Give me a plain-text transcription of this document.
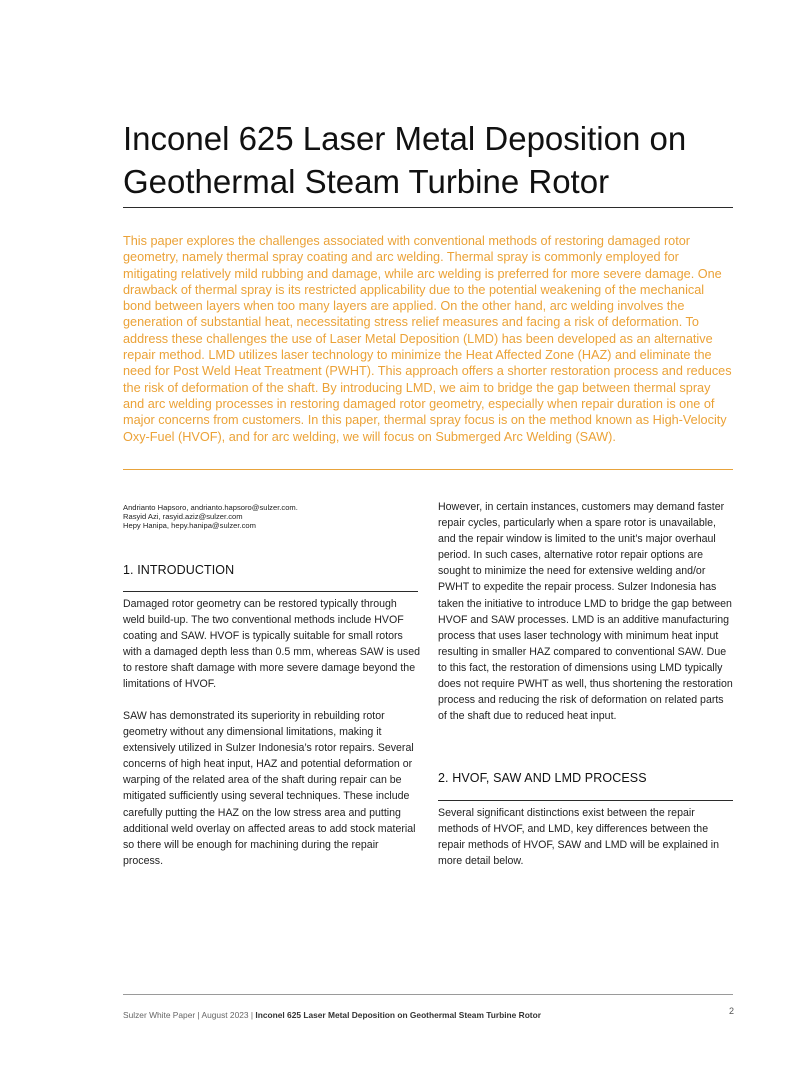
Inconel 625 Laser Metal Deposition on Geothermal Steam Turbine Rotor

This paper explores the challenges associated with conventional methods of restoring damaged rotor geometry, namely thermal spray coating and arc welding. Thermal spray is commonly employed for mitigating relatively mild rubbing and damage, while arc welding is preferred for more severe damage. One drawback of thermal spray is its restricted applicability due to the potential weakening of the mechanical bond between layers when too many layers are applied. On the other hand, arc welding involves the generation of substantial heat, necessitating stress relief measures and facing a risk of deformation. To address these challenges the use of Laser Metal Deposition (LMD) has been developed as an alternative repair method. LMD utilizes laser technology to minimize the Heat Affected Zone (HAZ) and eliminate the need for Post Weld Heat Treatment (PWHT). This approach offers a shorter restoration process and reduces the risk of deformation of the shaft. By introducing LMD, we aim to bridge the gap between thermal spray and arc welding processes in restoring damaged rotor geometry, especially when repair duration is one of major concerns from customers. In this paper, thermal spray focus is on the method known as High-Velocity Oxy-Fuel (HVOF), and for arc welding, we will focus on Submerged Arc Welding (SAW).

Andrianto Hapsoro, andrianto.hapsoro@sulzer.com.
Rasyid Azi, rasyid.aziz@sulzer.com
Hepy Hanipa, hepy.hanipa@sulzer.com
1. INTRODUCTION

Damaged rotor geometry can be restored typically through weld build-up. The two conventional methods include HVOF coating and SAW. HVOF is typically suitable for small rotors with a damaged depth less than 0.5 mm, whereas SAW is used to restore shaft damage with more severe damage beyond the limitations of HVOF.

SAW has demonstrated its superiority in rebuilding rotor geometry without any dimensional limitations, making it extensively utilized in Sulzer Indonesia’s rotor repairs. Several concerns of high heat input, HAZ and potential deformation or warping of the related area of the shaft during repair can be mitigated sufficiently using several techniques. These include carefully putting the HAZ on the low stress area and putting additional weld overlay on affected areas to add stock material so there will be enough for machining during the repair process.

However, in certain instances, customers may demand faster repair cycles, particularly when a spare rotor is unavailable, and the repair window is limited to the unit’s major overhaul period. In such cases, alternative rotor repair options are sought to minimize the need for extensive welding and/or PWHT to expedite the repair process. Sulzer Indonesia has taken the initiative to introduce LMD to bridge the gap between HVOF and SAW processes. LMD is an additive manufacturing process that uses laser technology with minimum heat input resulting in smaller HAZ compared to conventional SAW. Due to this fact, the restoration of dimensions using LMD typically does not require PWHT as well, thus shortening the restoration process and reducing the risk of deformation on related parts of the shaft due to reduced heat input.

2. HVOF, SAW AND LMD PROCESS

Several significant distinctions exist between the repair methods of HVOF, and LMD, key differences between the repair methods of HVOF, SAW and LMD will be explained in more detail below.

Sulzer White Paper | August 2023 | Inconel 625 Laser Metal Deposition on Geothermal Steam Turbine Rotor	2
